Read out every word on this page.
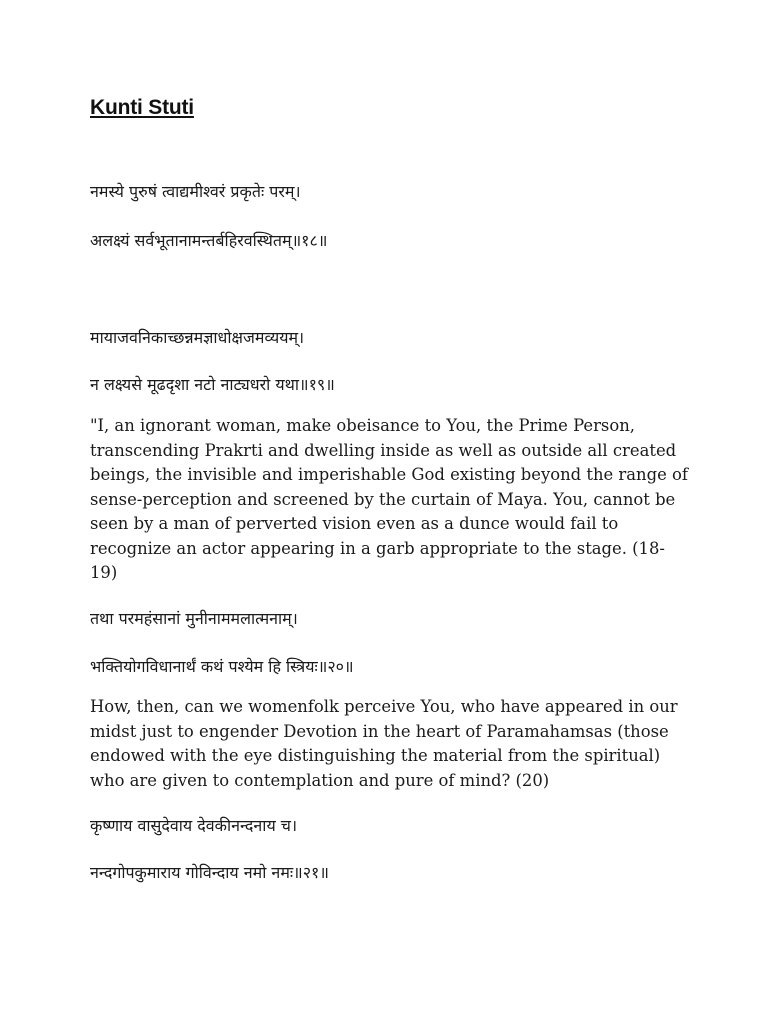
Kunti Stuti

नमस्ये पुरुषं त्वाद्यमीश्वरं प्रकृतेः परम्।

अलक्ष्यं सर्वभूतानामन्तर्बहिरवस्थितम्॥१८॥

मायाजवनिकाच्छन्नमज्ञाधोक्षजमव्ययम्।

न लक्ष्यसे मूढदृशा नटो नाट्यधरो यथा॥१९॥

"I, an ignorant woman, make obeisance to You, the Prime Person, transcending Prakrti and dwelling inside as well as outside all created beings, the invisible and imperishable God existing beyond the range of sense-perception and screened by the curtain of Maya. You, cannot be seen by a man of perverted vision even as a dunce would fail to recognize an actor appearing in a garb appropriate to the stage. (18-19)

तथा परमहंसानां मुनीनाममलात्मनाम्।

भक्तियोगविधानार्थं कथं पश्येम हि स्त्रियः॥२०॥

How, then, can we womenfolk perceive You, who have appeared in our midst just to engender Devotion in the heart of Paramahamsas (those endowed with the eye distinguishing the material from the spiritual) who are given to contemplation and pure of mind? (20)

कृष्णाय वासुदेवाय देवकीनन्दनाय च।

नन्दगोपकुमाराय गोविन्दाय नमो नमः॥२१॥
